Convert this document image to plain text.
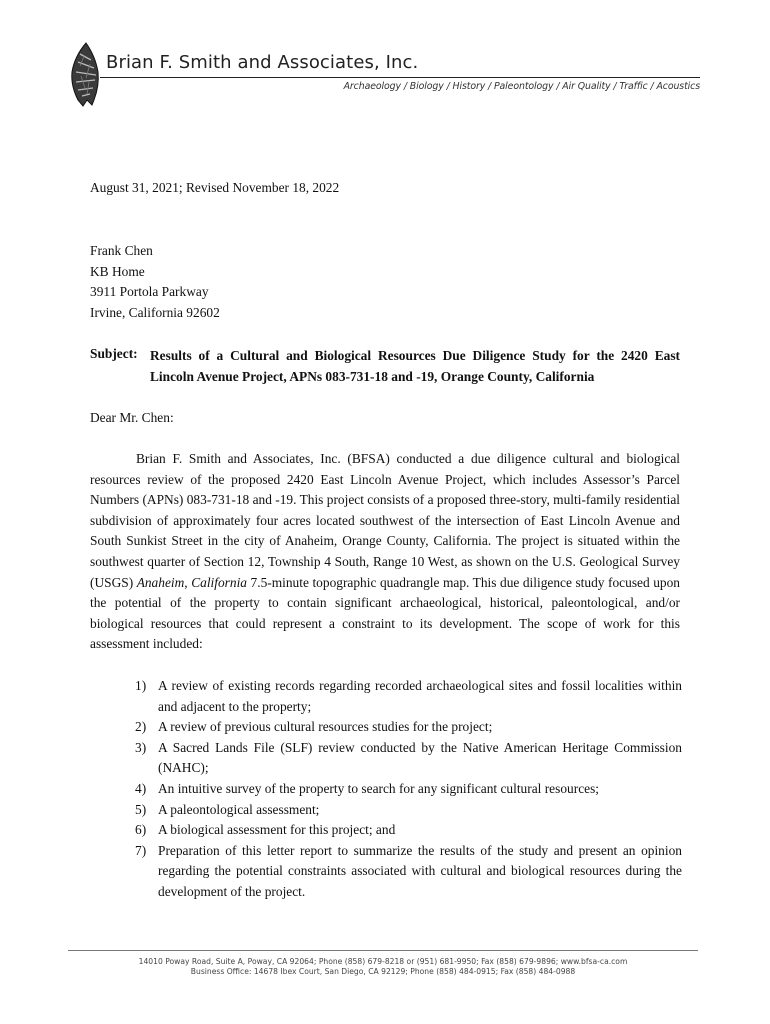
Brian F. Smith and Associates, Inc.
Archaeology / Biology / History / Paleontology / Air Quality / Traffic / Acoustics
August 31, 2021; Revised November 18, 2022
Frank Chen
KB Home
3911 Portola Parkway
Irvine, California 92602
Subject: Results of a Cultural and Biological Resources Due Diligence Study for the 2420 East Lincoln Avenue Project, APNs 083-731-18 and -19, Orange County, California
Dear Mr. Chen:
Brian F. Smith and Associates, Inc. (BFSA) conducted a due diligence cultural and biological resources review of the proposed 2420 East Lincoln Avenue Project, which includes Assessor’s Parcel Numbers (APNs) 083-731-18 and -19. This project consists of a proposed three-story, multi-family residential subdivision of approximately four acres located southwest of the intersection of East Lincoln Avenue and South Sunkist Street in the city of Anaheim, Orange County, California. The project is situated within the southwest quarter of Section 12, Township 4 South, Range 10 West, as shown on the U.S. Geological Survey (USGS) Anaheim, California 7.5-minute topographic quadrangle map. This due diligence study focused upon the potential of the property to contain significant archaeological, historical, paleontological, and/or biological resources that could represent a constraint to its development. The scope of work for this assessment included:
1) A review of existing records regarding recorded archaeological sites and fossil localities within and adjacent to the property;
2) A review of previous cultural resources studies for the project;
3) A Sacred Lands File (SLF) review conducted by the Native American Heritage Commission (NAHC);
4) An intuitive survey of the property to search for any significant cultural resources;
5) A paleontological assessment;
6) A biological assessment for this project; and
7) Preparation of this letter report to summarize the results of the study and present an opinion regarding the potential constraints associated with cultural and biological resources during the development of the project.
14010 Poway Road, Suite A, Poway, CA 92064; Phone (858) 679-8218 or (951) 681-9950; Fax (858) 679-9896; www.bfsa-ca.com
Business Office: 14678 Ibex Court, San Diego, CA 92129; Phone (858) 484-0915; Fax (858) 484-0988
